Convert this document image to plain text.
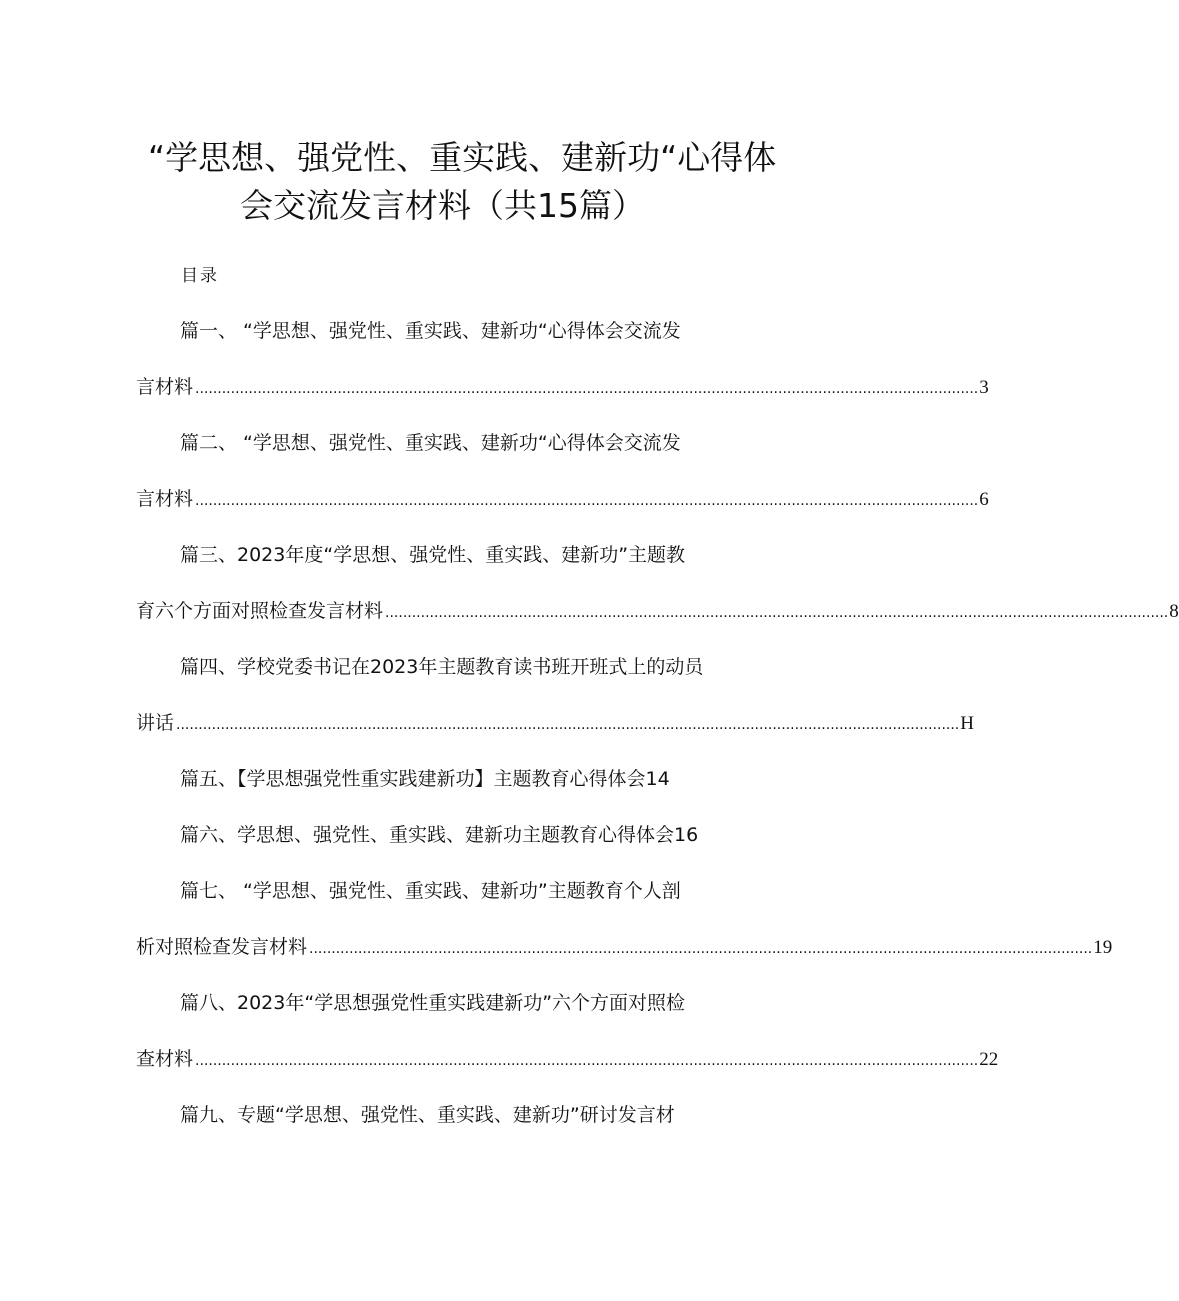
“学思想、强党性、重实践、建新功“心得体
会交流发言材料（共15篇）
目录
篇一、 “学思想、强党性、重实践、建新功“心得体会交流发
言材料 ................................................................................................................................................................................ 3
篇二、 “学思想、强党性、重实践、建新功“心得体会交流发
言材料 ................................................................................................................................................................................ 6
篇三、2023年度“学思想、强党性、重实践、建新功”主题教
育六个方面对照检查发言材料 ................................................................................................................................................................................ 8
篇四、学校党委书记在2023年主题教育读书班开班式上的动员
讲话 ................................................................................................................................................................................ H
篇五、【学思想强党性重实践建新功】主题教育心得体会14
篇六、学思想、强党性、重实践、建新功主题教育心得体会16
篇七、 “学思想、强党性、重实践、建新功”主题教育个人剖
析对照检查发言材料 ................................................................................................................................................................................ 19
篇八、2023年“学思想强党性重实践建新功”六个方面对照检
查材料 ................................................................................................................................................................................ 22
篇九、专题“学思想、强党性、重实践、建新功”研讨发言材
